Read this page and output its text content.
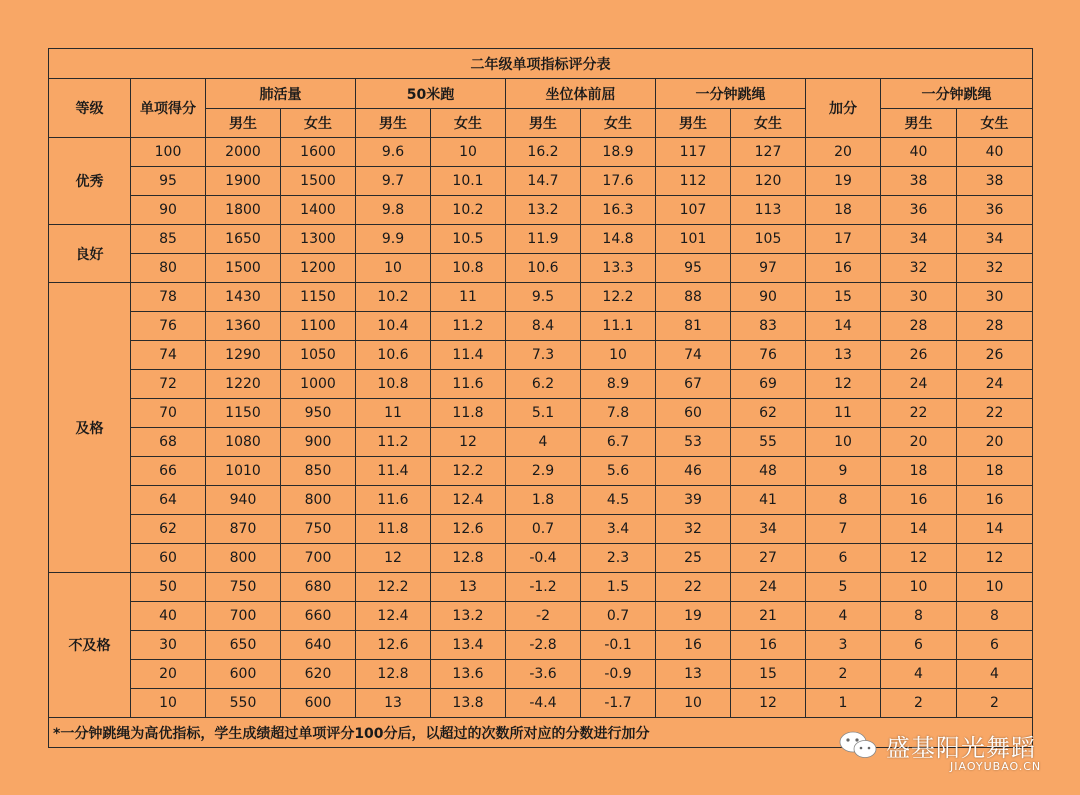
二年级单项指标评分表												
等级	单项得分	肺活量		50米跑		坐位体前屈		一分钟跳绳		加分	一分钟跳绳	
		男生	女生	男生	女生	男生	女生	男生	女生		男生	女生
优秀	100	2000	1600	9.6	10	16.2	18.9	117	127	20	40	40
	95	1900	1500	9.7	10.1	14.7	17.6	112	120	19	38	38
	90	1800	1400	9.8	10.2	13.2	16.3	107	113	18	36	36
良好	85	1650	1300	9.9	10.5	11.9	14.8	101	105	17	34	34
	80	1500	1200	10	10.8	10.6	13.3	95	97	16	32	32
及格	78	1430	1150	10.2	11	9.5	12.2	88	90	15	30	30
	76	1360	1100	10.4	11.2	8.4	11.1	81	83	14	28	28
	74	1290	1050	10.6	11.4	7.3	10	74	76	13	26	26
	72	1220	1000	10.8	11.6	6.2	8.9	67	69	12	24	24
	70	1150	950	11	11.8	5.1	7.8	60	62	11	22	22
	68	1080	900	11.2	12	4	6.7	53	55	10	20	20
	66	1010	850	11.4	12.2	2.9	5.6	46	48	9	18	18
	64	940	800	11.6	12.4	1.8	4.5	39	41	8	16	16
	62	870	750	11.8	12.6	0.7	3.4	32	34	7	14	14
	60	800	700	12	12.8	-0.4	2.3	25	27	6	12	12
不及格	50	750	680	12.2	13	-1.2	1.5	22	24	5	10	10
	40	700	660	12.4	13.2	-2	0.7	19	21	4	8	8
	30	650	640	12.6	13.4	-2.8	-0.1	16	16	3	6	6
	20	600	620	12.8	13.6	-3.6	-0.9	13	15	2	4	4
	10	550	600	13	13.8	-4.4	-1.7	10	12	1	2	2
*一分钟跳绳为高优指标，学生成绩超过单项评分100分后，以超过的次数所对应的分数进行加分												
盛基阳光舞蹈
JIAOYUBAO.CN
